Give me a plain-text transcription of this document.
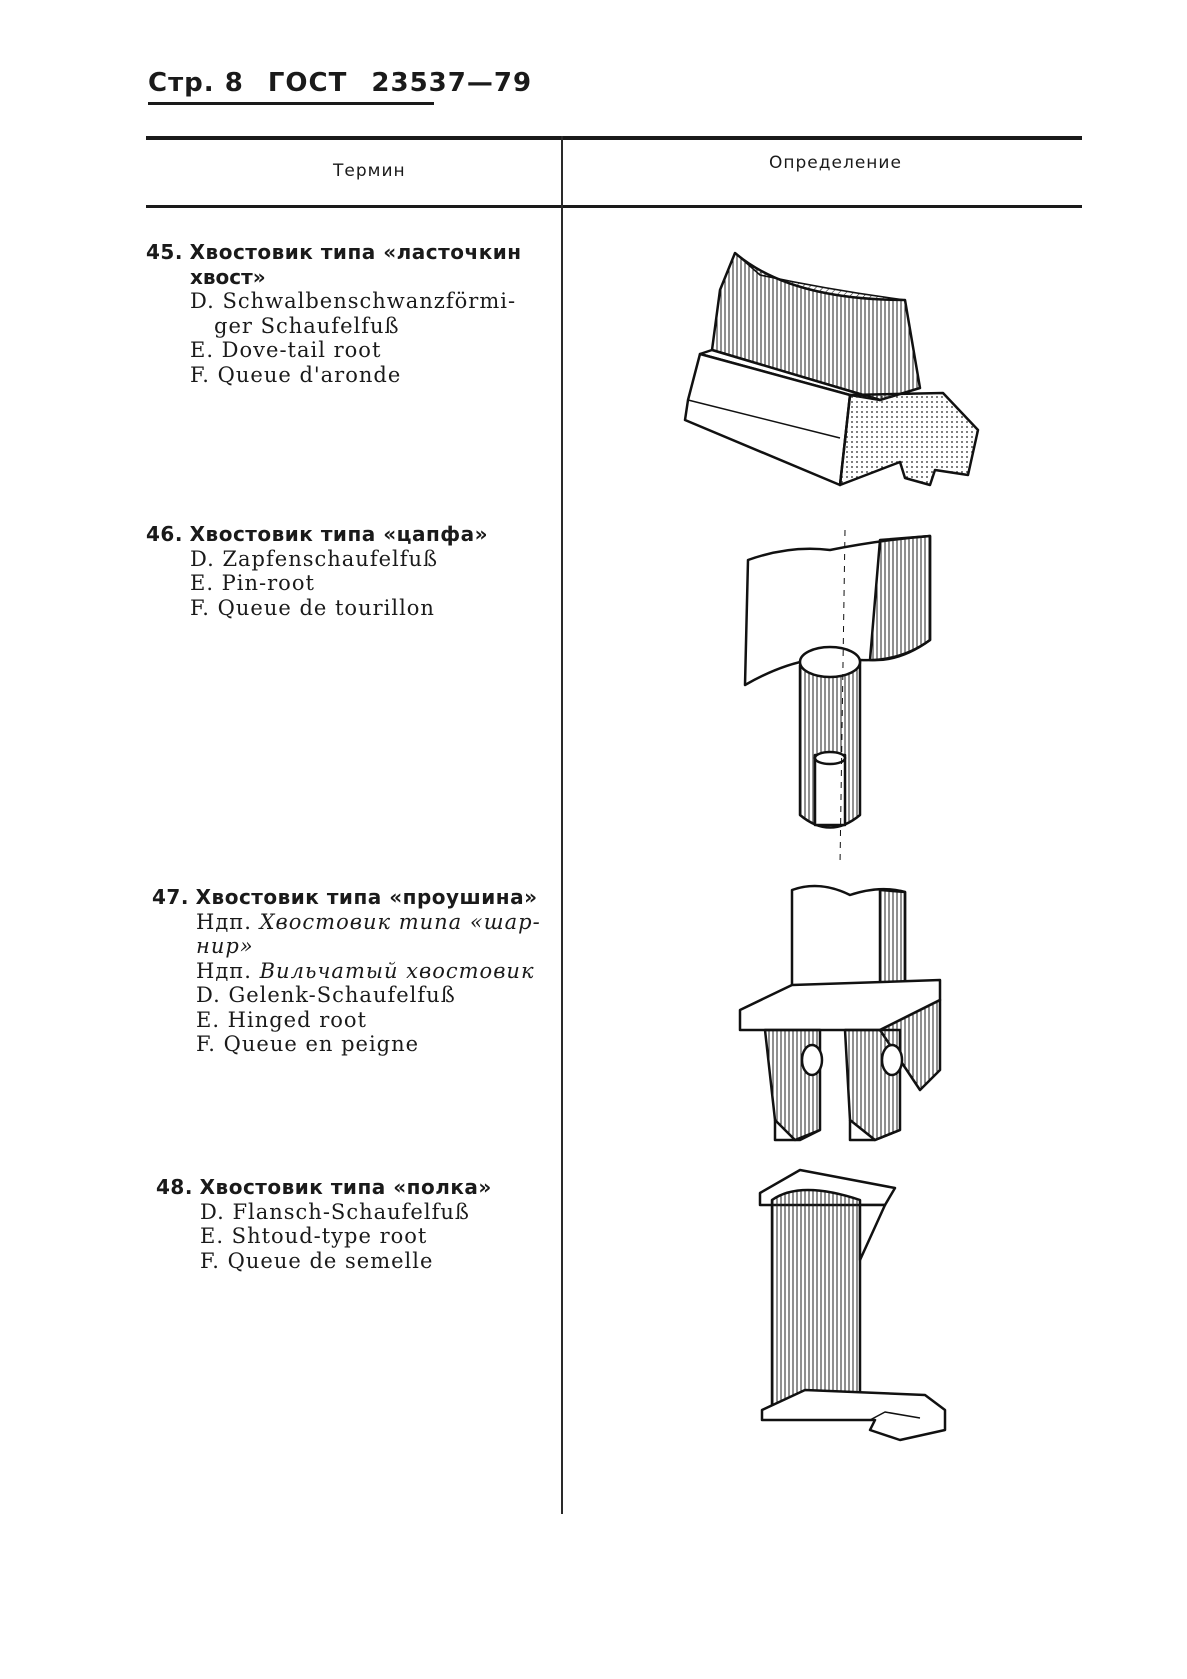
Стр. 8 ГОСТ 23537—79
Термин	Определение
45. Хвостовик типа «ласточкин
хвост»
D. Schwalbenschwanzförmi-
ger Schaufelfuß
E. Dove-tail root
F. Queue d'aronde
46. Хвостовик типа «цапфа»
D. Zapfenschaufelfuß
E. Pin-root
F. Queue de tourillon
47. Хвостовик типа «проушина»
Ндп. Хвостовик типа «шар-
нир»
Ндп. Вильчатый хвостовик
D. Gelenk-Schaufelfuß
E. Hinged root
F. Queue en peigne
48. Хвостовик типа «полка»
D. Flansch-Schaufelfuß
E. Shtoud-type root
F. Queue de semelle
